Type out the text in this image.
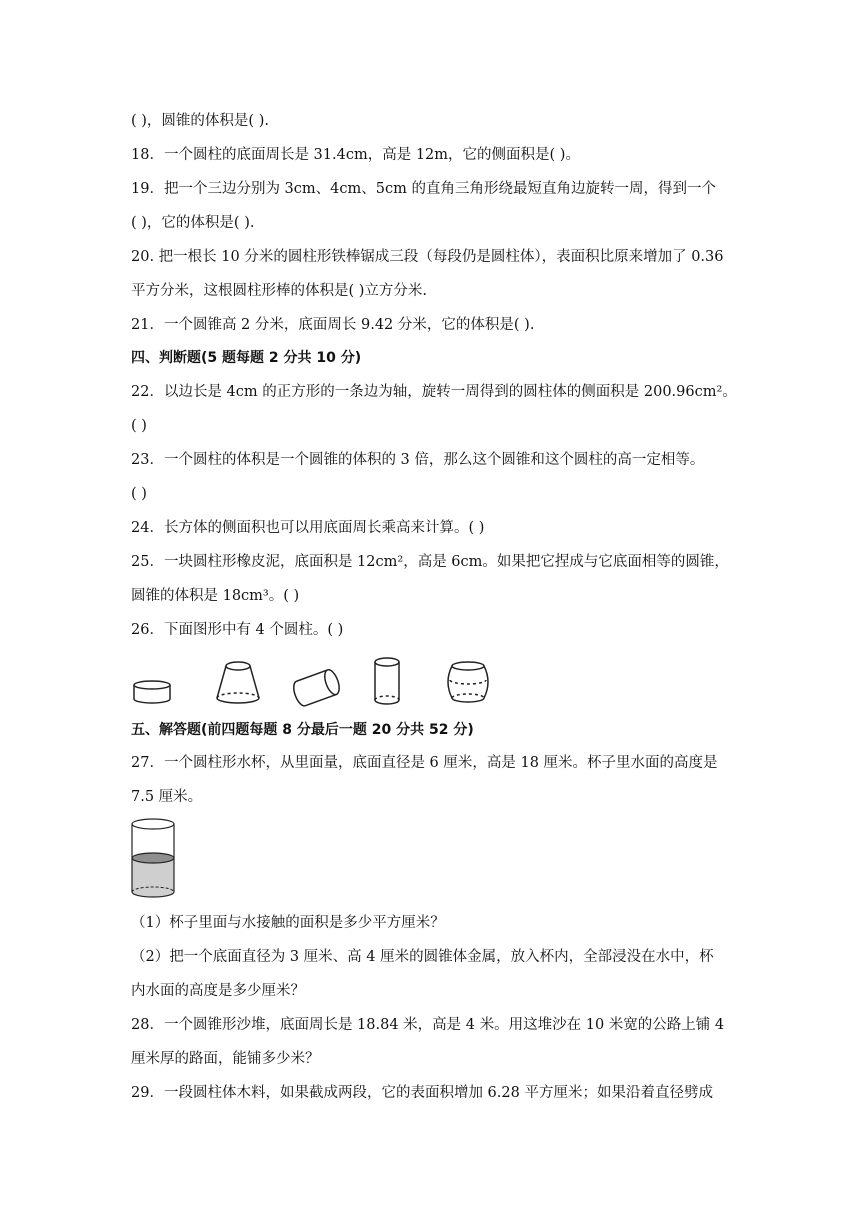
( )，圆锥的体积是( ).
18．一个圆柱的底面周长是 31.4cm，高是 12m，它的侧面积是( )。
19．把一个三边分别为 3cm、4cm、5cm 的直角三角形绕最短直角边旋转一周，得到一个
( )，它的体积是( ).
20. 把一根长 10 分米的圆柱形铁棒锯成三段（每段仍是圆柱体），表面积比原来增加了 0.36
平方分米，这根圆柱形棒的体积是( )立方分米.
21．一个圆锥高 2 分米，底面周长 9.42 分米，它的体积是( ).
四、判断题(5 题每题 2 分共 10 分)
22．以边长是 4cm 的正方形的一条边为轴，旋转一周得到的圆柱体的侧面积是 200.96cm²。
( )
23．一个圆柱的体积是一个圆锥的体积的 3 倍，那么这个圆锥和这个圆柱的高一定相等。
( )
24．长方体的侧面积也可以用底面周长乘高来计算。( )
25．一块圆柱形橡皮泥，底面积是 12cm²，高是 6cm。如果把它捏成与它底面相等的圆锥，
圆锥的体积是 18cm³。( )
26．下面图形中有 4 个圆柱。( )
五、解答题(前四题每题 8 分最后一题 20 分共 52 分)
27．一个圆柱形水杯，从里面量，底面直径是 6 厘米，高是 18 厘米。杯子里水面的高度是
7.5 厘米。
（1）杯子里面与水接触的面积是多少平方厘米？
（2）把一个底面直径为 3 厘米、高 4 厘米的圆锥体金属，放入杯内，全部浸没在水中，杯
内水面的高度是多少厘米？
28．一个圆锥形沙堆，底面周长是 18.84 米，高是 4 米。用这堆沙在 10 米宽的公路上铺 4
厘米厚的路面，能铺多少米？
29．一段圆柱体木料，如果截成两段，它的表面积增加 6.28 平方厘米；如果沿着直径劈成
